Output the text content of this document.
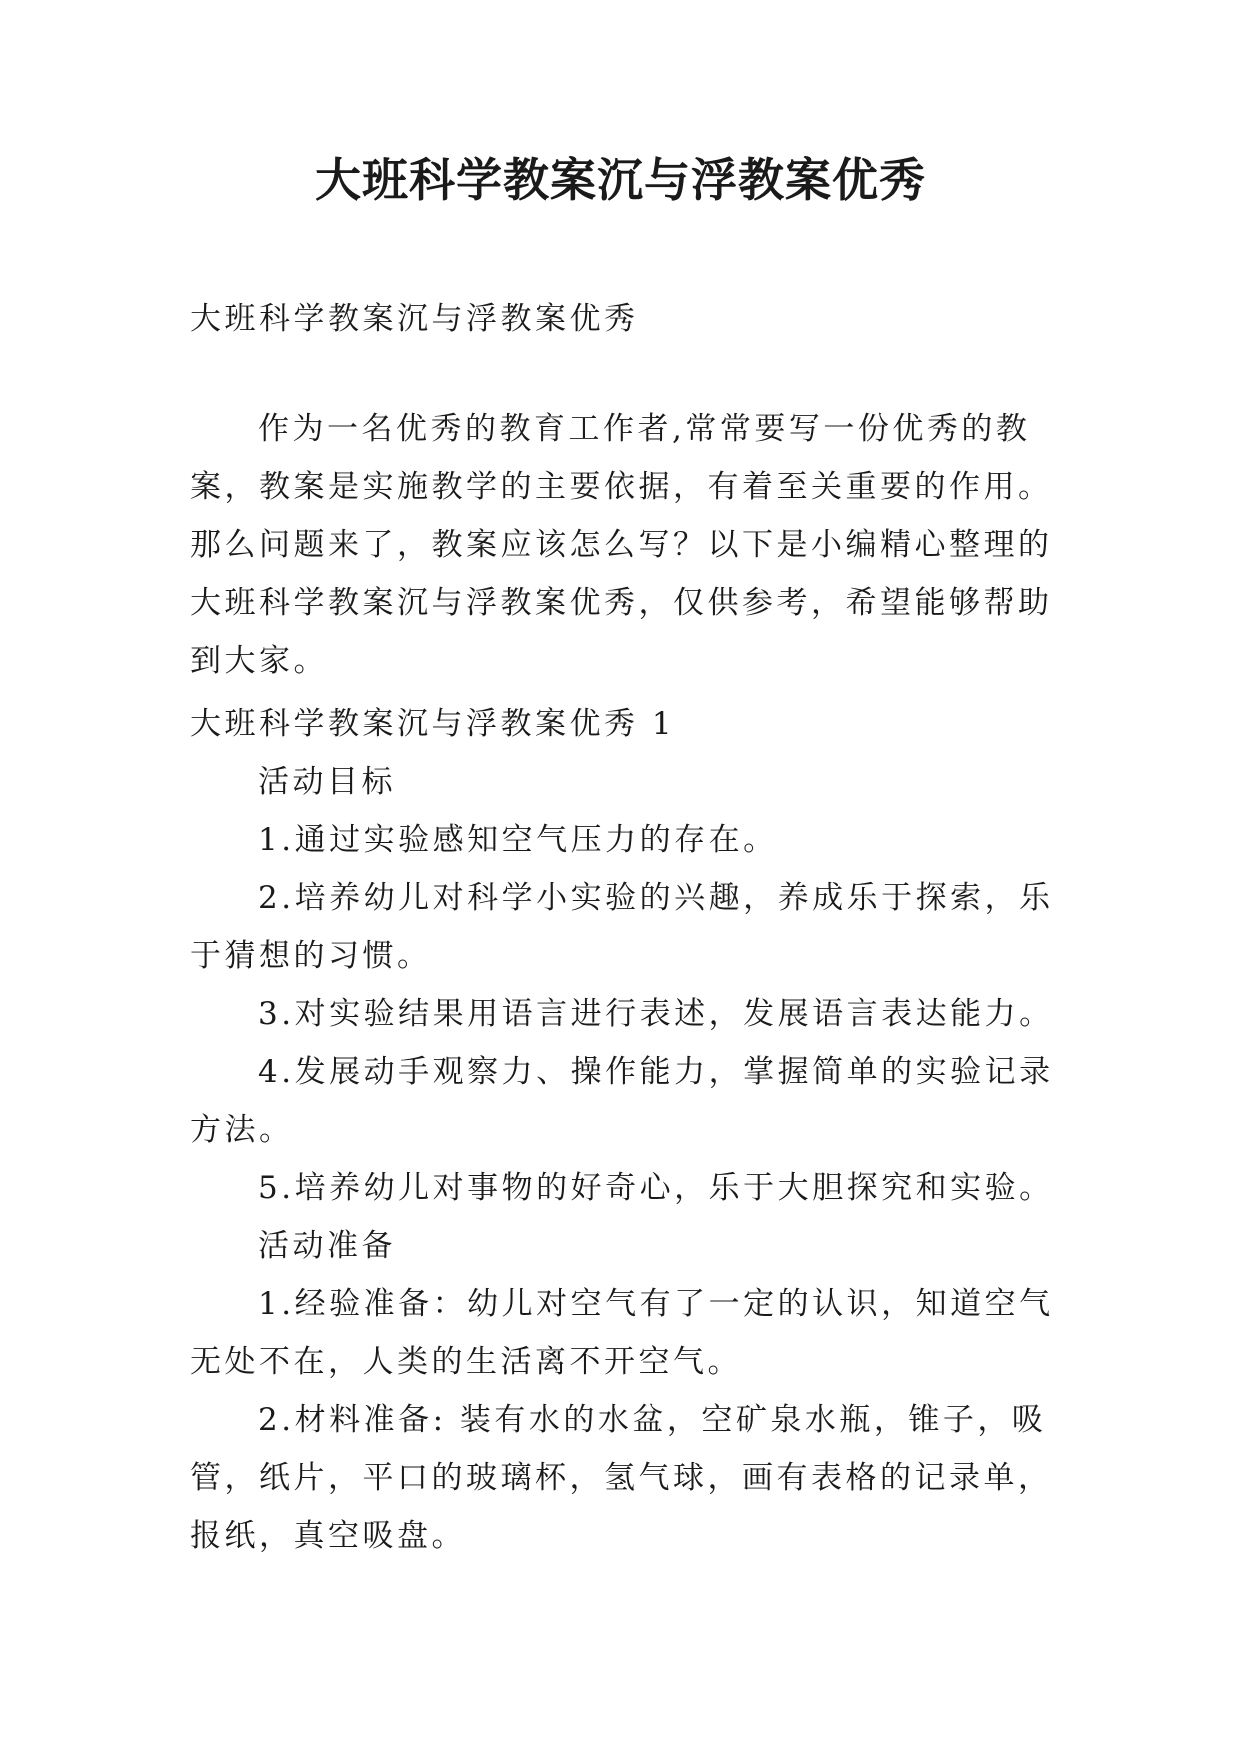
大班科学教案沉与浮教案优秀

大班科学教案沉与浮教案优秀

作为一名优秀的教育工作者,常常要写一份优秀的教案，教案是实施教学的主要依据，有着至关重要的作用。那么问题来了，教案应该怎么写？以下是小编精心整理的大班科学教案沉与浮教案优秀，仅供参考，希望能够帮助到大家。

大班科学教案沉与浮教案优秀 1

活动目标

1.通过实验感知空气压力的存在。

2.培养幼儿对科学小实验的兴趣，养成乐于探索，乐于猜想的习惯。

3.对实验结果用语言进行表述，发展语言表达能力。

4.发展动手观察力、操作能力，掌握简单的实验记录方法。

5.培养幼儿对事物的好奇心，乐于大胆探究和实验。

活动准备

1.经验准备：幼儿对空气有了一定的认识，知道空气无处不在，人类的生活离不开空气。

2.材料准备: 装有水的水盆，空矿泉水瓶，锥子，吸管，纸片，平口的玻璃杯，氢气球，画有表格的记录单，报纸，真空吸盘。
